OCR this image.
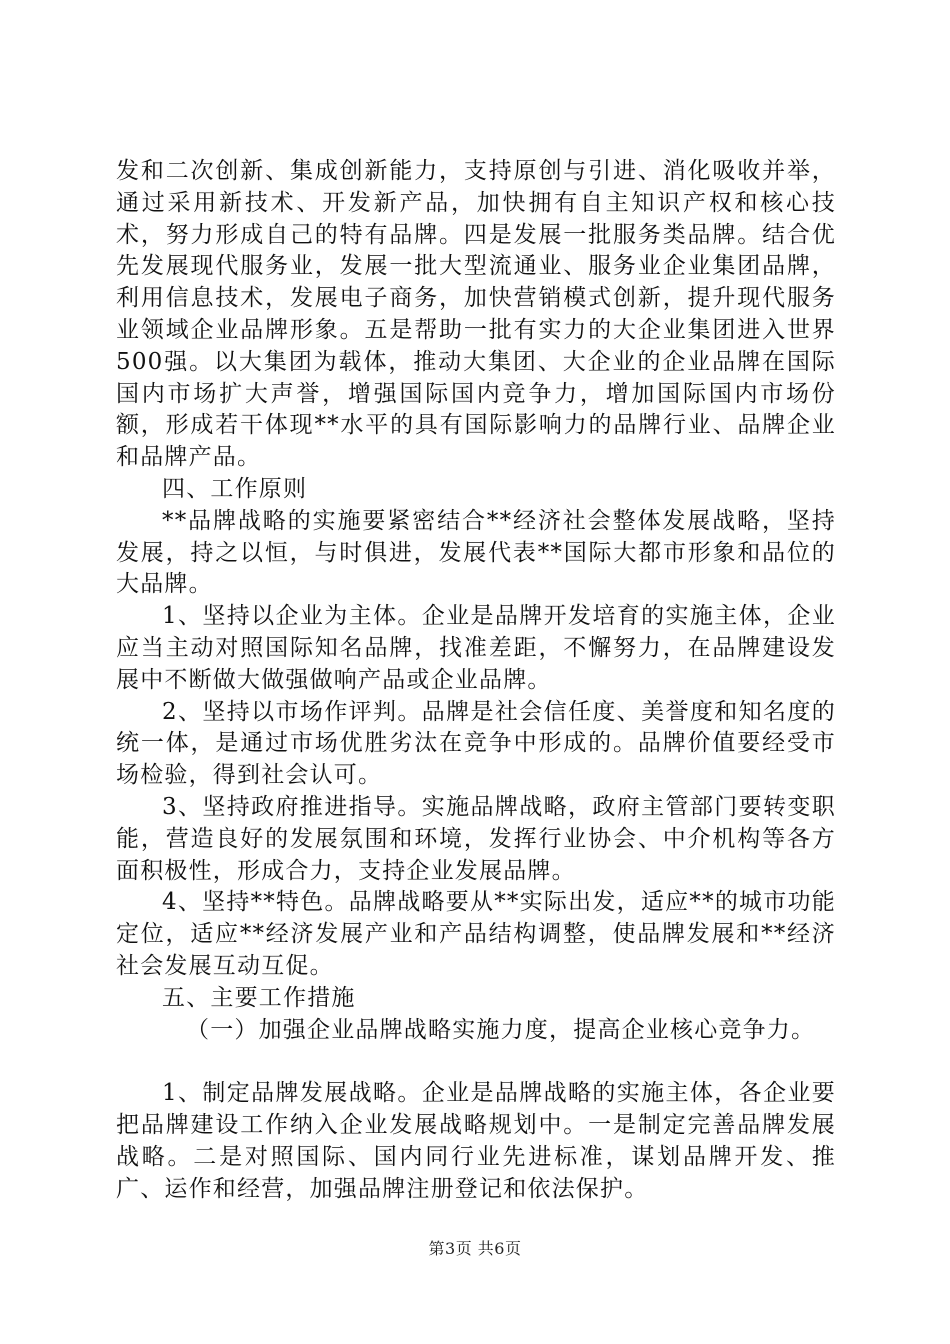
发和二次创新、集成创新能力，支持原创与引进、消化吸收并举，通过采用新技术、开发新产品，加快拥有自主知识产权和核心技术，努力形成自己的特有品牌。四是发展一批服务类品牌。结合优先发展现代服务业，发展一批大型流通业、服务业企业集团品牌，利用信息技术，发展电子商务，加快营销模式创新，提升现代服务业领域企业品牌形象。五是帮助一批有实力的大企业集团进入世界500强。以大集团为载体，推动大集团、大企业的企业品牌在国际国内市场扩大声誉，增强国际国内竞争力，增加国际国内市场份额，形成若干体现**水平的具有国际影响力的品牌行业、品牌企业和品牌产品。

四、工作原则

**品牌战略的实施要紧密结合**经济社会整体发展战略，坚持发展，持之以恒，与时俱进，发展代表**国际大都市形象和品位的大品牌。

1、坚持以企业为主体。企业是品牌开发培育的实施主体，企业应当主动对照国际知名品牌，找准差距，不懈努力，在品牌建设发展中不断做大做强做响产品或企业品牌。

2、坚持以市场作评判。品牌是社会信任度、美誉度和知名度的统一体，是通过市场优胜劣汰在竞争中形成的。品牌价值要经受市场检验，得到社会认可。

3、坚持政府推进指导。实施品牌战略，政府主管部门要转变职能，营造良好的发展氛围和环境，发挥行业协会、中介机构等各方面积极性，形成合力，支持企业发展品牌。

4、坚持**特色。品牌战略要从**实际出发，适应**的城市功能定位，适应**经济发展产业和产品结构调整，使品牌发展和**经济社会发展互动互促。

五、主要工作措施

（一）加强企业品牌战略实施力度，提高企业核心竞争力。

1、制定品牌发展战略。企业是品牌战略的实施主体，各企业要把品牌建设工作纳入企业发展战略规划中。一是制定完善品牌发展战略。二是对照国际、国内同行业先进标准，谋划品牌开发、推广、运作和经营，加强品牌注册登记和依法保护。

第3页 共6页
